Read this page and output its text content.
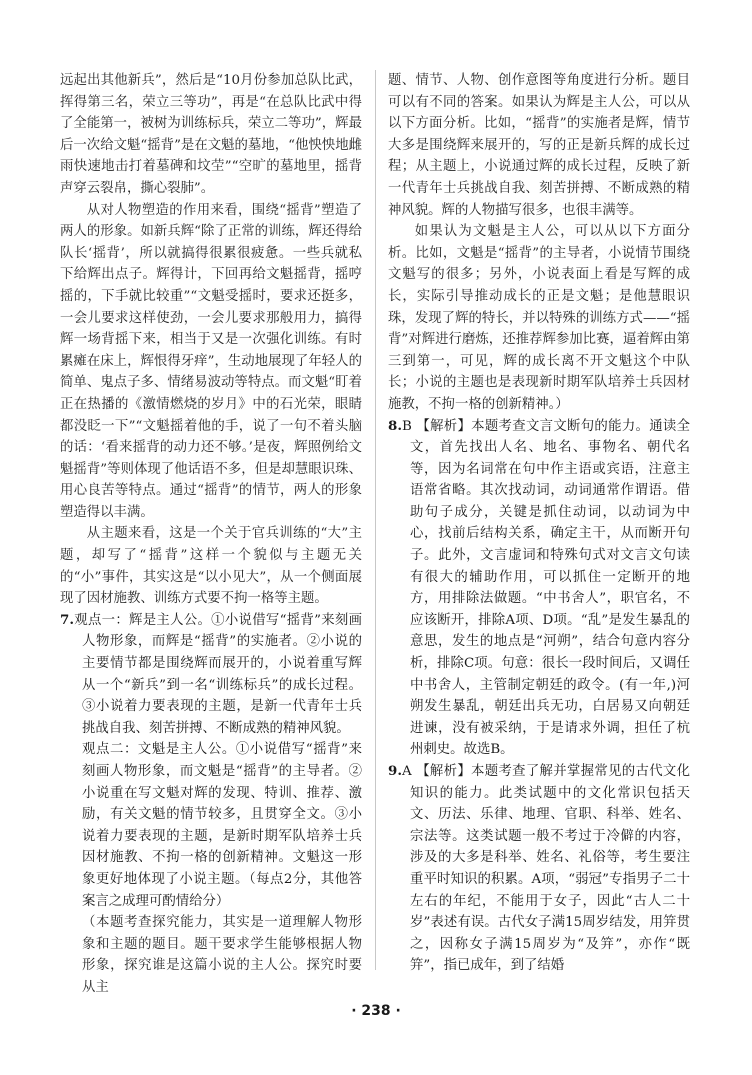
远起出其他新兵”，然后是“10月份参加总队比武，挥得第三名，荣立三等功”，再是“在总队比武中得了全能第一，被树为训练标兵，荣立二等功”，辉最后一次给文魁“摇背”是在文魁的墓地，“他怏怏地雌雨快速地击打着墓碑和坟茔”“空旷的墓地里，摇背声穿云裂帛，撕心裂肺”。

从对人物塑造的作用来看，围绕“摇背”塑造了两人的形象。如新兵辉“除了正常的训练，辉还得给队长‘摇背’，所以就搞得很累很疲惫。一些兵就私下给辉出点子。辉得计，下回再给文魁摇背，摇哼摇的，下手就比较重”“文魁受摇时，要求还挺多，一会儿要求这样使劲，一会儿要求那般用力，搞得辉一场背摇下来，相当于又是一次强化训练。有时累瘫在床上，辉恨得牙痒”，生动地展现了年轻人的简单、鬼点子多、情绪易波动等特点。而文魁“盯着正在热播的《激情燃烧的岁月》中的石光荣，眼睛都没眨一下”“文魁摇着他的手，说了一句不着头脑的话：‘看来摇背的动力还不够。’是夜，辉照例给文魁摇背”等则体现了他话语不多，但是却慧眼识珠、用心良苦等特点。通过“摇背”的情节，两人的形象塑造得以丰满。

从主题来看，这是一个关于官兵训练的“大”主题，却写了“摇背”这样一个貌似与主题无关的“小”事件，其实这是“以小见大”，从一个侧面展现了因材施教、训练方式要不拘一格等主题。

7.观点一：辉是主人公。①小说借写“摇背”来刻画人物形象，而辉是“摇背”的实施者。②小说的主要情节都是围绕辉而展开的，小说着重写辉从一个“新兵”到一名“训练标兵”的成长过程。③小说着力要表现的主题，是新一代青年士兵挑战自我、刻苦拼搏、不断成熟的精神风貌。

观点二：文魁是主人公。①小说借写“摇背”来刻画人物形象，而文魁是“摇背”的主导者。②小说重在写文魁对辉的发现、特训、推荐、激励，有关文魁的情节较多，且贯穿全文。③小说着力要表现的主题，是新时期军队培养士兵因材施教、不拘一格的创新精神。文魁这一形象更好地体现了小说主题。（每点2分，其他答案言之成理可酌情给分）

（本题考查探究能力，其实是一道理解人物形象和主题的题目。题干要求学生能够根据人物形象，探究谁是这篇小说的主人公。探究时要从主

题、情节、人物、创作意图等角度进行分析。题目可以有不同的答案。如果认为辉是主人公，可以从以下方面分析。比如，“摇背”的实施者是辉，情节大多是围绕辉来展开的，写的正是新兵辉的成长过程；从主题上，小说通过辉的成长过程，反映了新一代青年士兵挑战自我、刻苦拼搏、不断成熟的精神风貌。辉的人物描写很多，也很丰满等。

如果认为文魁是主人公，可以从以下方面分析。比如，文魁是“摇背”的主导者，小说情节围绕文魁写的很多；另外，小说表面上看是写辉的成长，实际引导推动成长的正是文魁；是他慧眼识珠，发现了辉的特长，并以特殊的训练方式——“摇背”对辉进行磨炼，还推荐辉参加比赛，逼着辉由第三到第一，可见，辉的成长离不开文魁这个中队长；小说的主题也是表现新时期军队培养士兵因材施教，不拘一格的创新精神。）

8.B 【解析】本题考查文言文断句的能力。通读全文，首先找出人名、地名、事物名、朝代名等，因为名词常在句中作主语或宾语，注意主语常省略。其次找动词，动词通常作谓语。借助句子成分，关键是抓住动词，以动词为中心，找前后结构关系，确定主干，从而断开句子。此外，文言虚词和特殊句式对文言文句读有很大的辅助作用，可以抓住一定断开的地方，用排除法做题。“中书舍人”，职官名，不应该断开，排除A项、D项。“乱”是发生暴乱的意思，发生的地点是“河朔”，结合句意内容分析，排除C项。句意：很长一段时间后，又调任中书舍人，主管制定朝廷的政令。(有一年,)河朔发生暴乱，朝廷出兵无功，白居易又向朝廷进谏，没有被采纳，于是请求外调，担任了杭州刺史。故选B。

9.A 【解析】本题考查了解并掌握常见的古代文化知识的能力。此类试题中的文化常识包括天文、历法、乐律、地理、官职、科举、姓名、宗法等。这类试题一般不考过于冷僻的内容，涉及的大多是科举、姓名、礼俗等，考生要注重平时知识的积累。A项，“弱冠”专指男子二十左右的年纪，不能用于女子，因此“古人二十岁”表述有误。古代女子满15周岁结发，用笄贯之，因称女子满15周岁为“及笄”，亦作“既笄”，指已成年，到了结婚

· 238 ·
